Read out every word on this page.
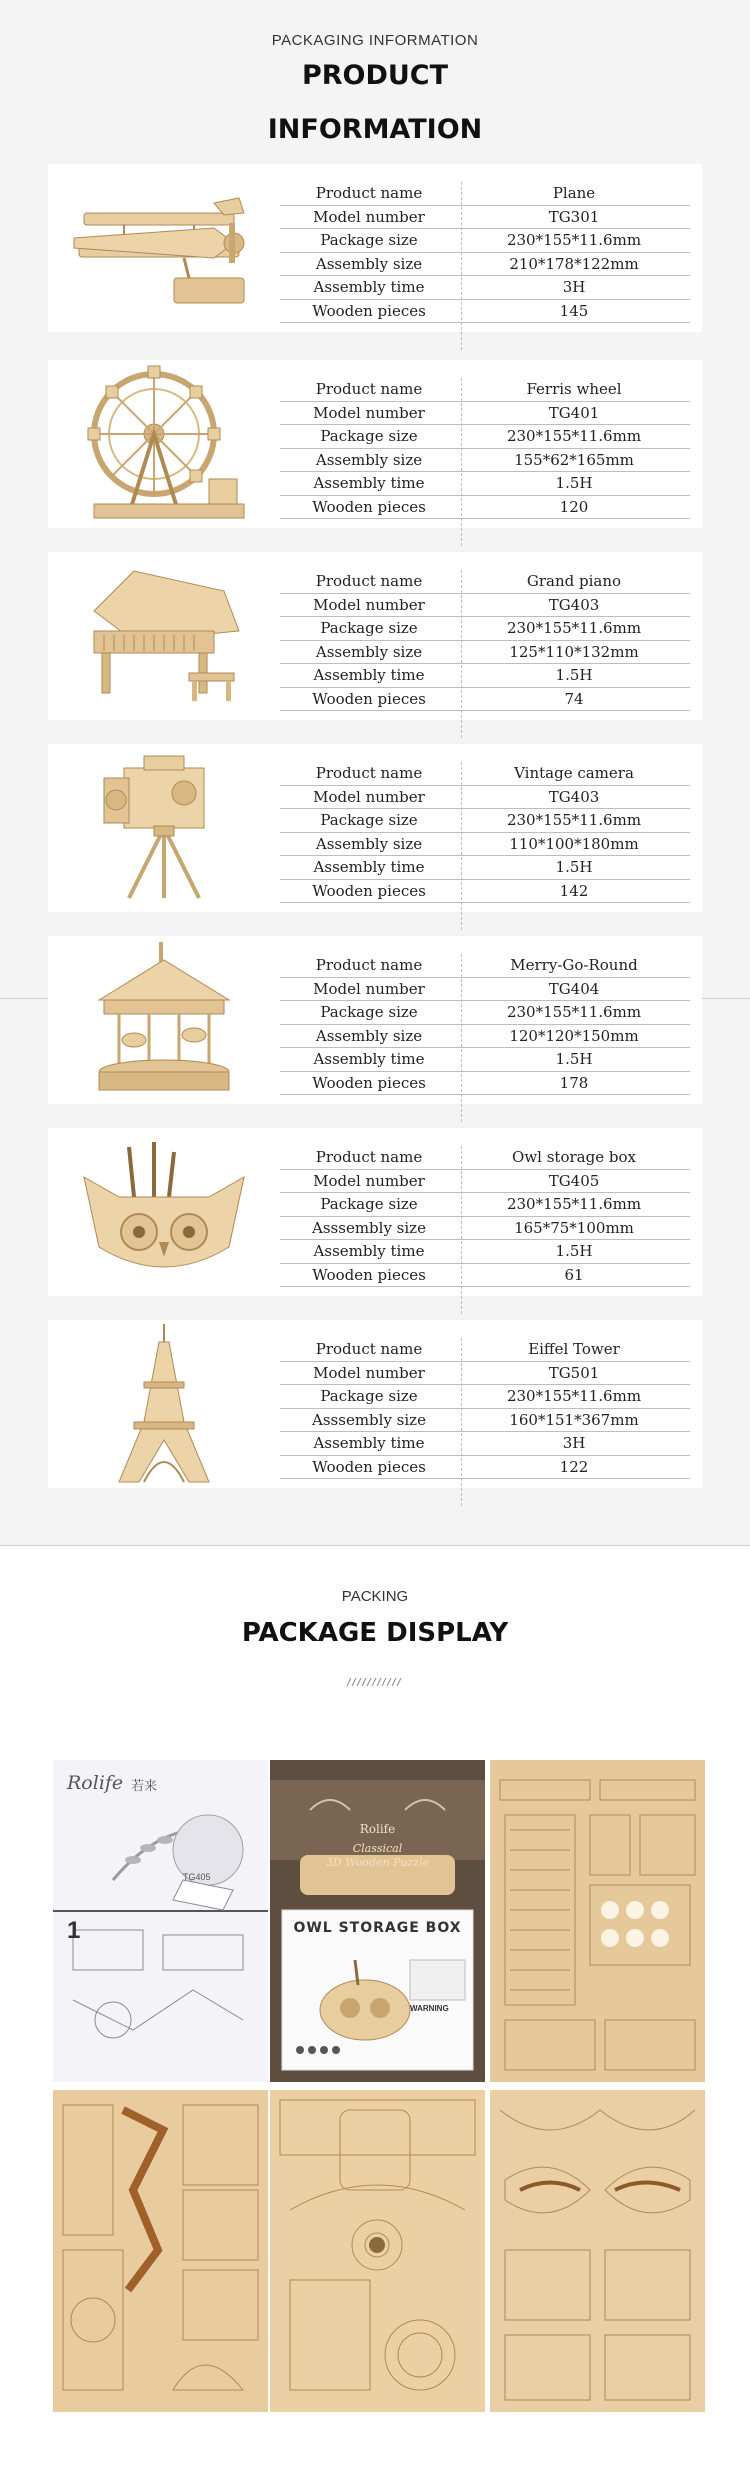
PACKAGING INFORMATION
PRODUCT
INFORMATION
Product name	Plane
Model number	TG301
Package size	230*155*11.6mm
Assembly size	210*178*122mm
Assembly time	3H
Wooden pieces	145
Product name	Ferris wheel
Model number	TG401
Package size	230*155*11.6mm
Assembly size	155*62*165mm
Assembly time	1.5H
Wooden pieces	120
Product name	Grand piano
Model number	TG403
Package size	230*155*11.6mm
Assembly size	125*110*132mm
Assembly time	1.5H
Wooden pieces	74
Product name	Vintage camera
Model number	TG403
Package size	230*155*11.6mm
Assembly size	110*100*180mm
Assembly time	1.5H
Wooden pieces	142
Product name	Merry-Go-Round
Model number	TG404
Package size	230*155*11.6mm
Assembly size	120*120*150mm
Assembly time	1.5H
Wooden pieces	178
Product name	Owl storage box
Model number	TG405
Package size	230*155*11.6mm
Asssembly size	165*75*100mm
Assembly time	1.5H
Wooden pieces	61
Product name	Eiffel Tower
Model number	TG501
Package size	230*155*11.6mm
Asssembly size	160*151*367mm
Assembly time	3H
Wooden pieces	122
PACKING
PACKAGE DISPLAY
Rolife 若来
TG405
1
Rolife
Classical
3D Wooden Puzzle
OWL STORAGE BOX
WARNING
